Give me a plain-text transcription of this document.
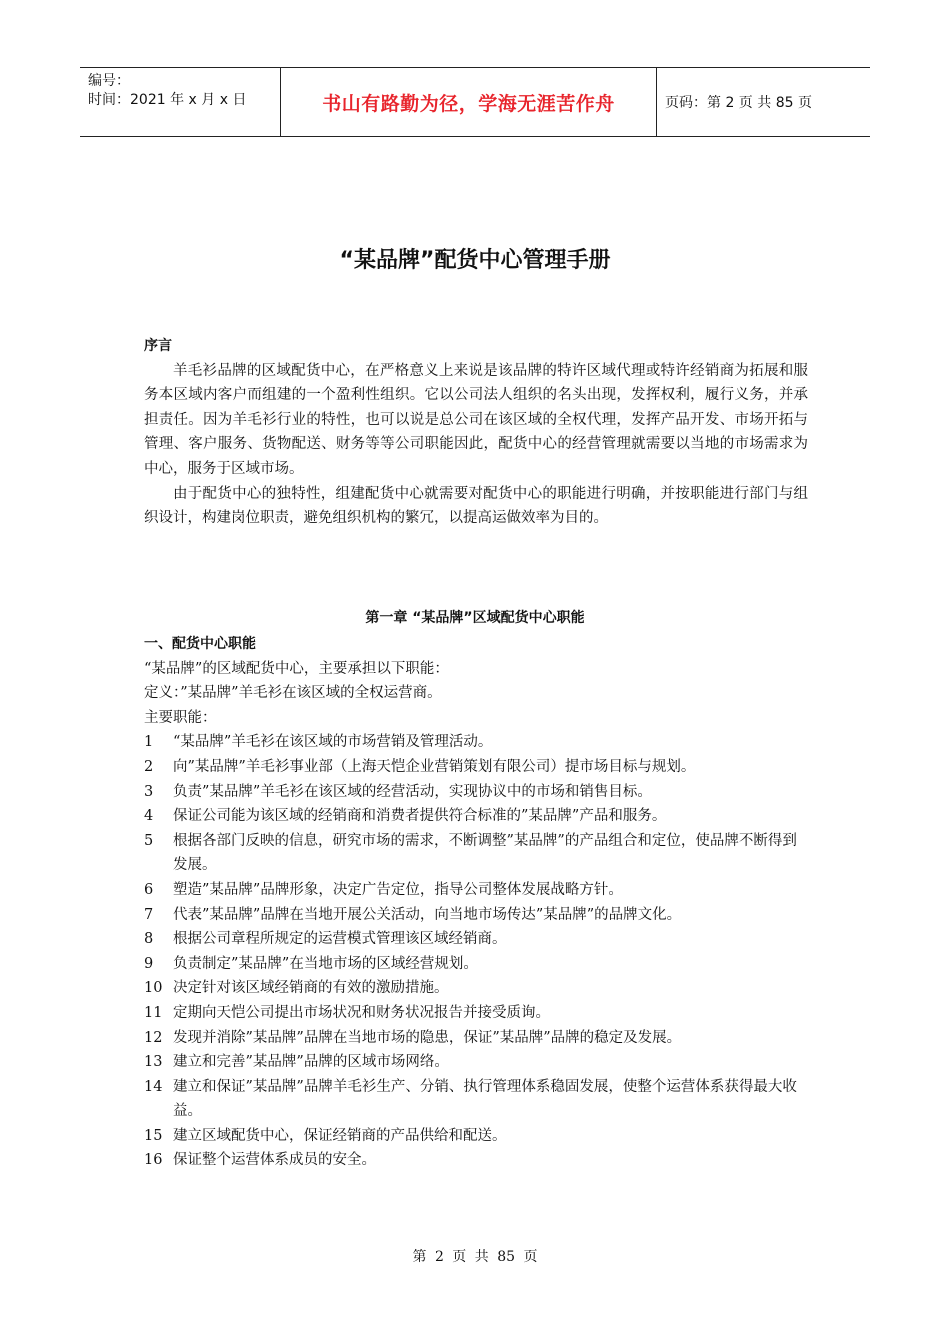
编号：
时间：2021 年 x 月 x 日	书山有路勤为径，学海无涯苦作舟	页码：第 2 页 共 85 页
“某品牌”配货中心管理手册
序言

羊毛衫品牌的区域配货中心，在严格意义上来说是该品牌的特许区域代理或特许经销商为拓展和服务本区域内客户而组建的一个盈利性组织。它以公司法人组织的名头出现，发挥权利，履行义务，并承担责任。因为羊毛衫行业的特性，也可以说是总公司在该区域的全权代理，发挥产品开发、市场开拓与管理、客户服务、货物配送、财务等等公司职能因此，配货中心的经营管理就需要以当地的市场需求为中心，服务于区域市场。

由于配货中心的独特性，组建配货中心就需要对配货中心的职能进行明确，并按职能进行部门与组织设计，构建岗位职责，避免组织机构的繁冗，以提高运做效率为目的。

第一章 “某品牌”区域配货中心职能
一、配货中心职能

“某品牌”的区域配货中心，主要承担以下职能：

定义：”某品牌”羊毛衫在该区域的全权运营商。

主要职能：

1	“某品牌”羊毛衫在该区域的市场营销及管理活动。
2	向”某品牌”羊毛衫事业部（上海天恺企业营销策划有限公司）提市场目标与规划。
3	负责”某品牌”羊毛衫在该区域的经营活动，实现协议中的市场和销售目标。
4	保证公司能为该区域的经销商和消费者提供符合标准的”某品牌”产品和服务。
5	根据各部门反映的信息，研究市场的需求，不断调整”某品牌”的产品组合和定位，使品牌不断得到发展。
6	塑造”某品牌”品牌形象，决定广告定位，指导公司整体发展战略方针。
7	代表”某品牌”品牌在当地开展公关活动，向当地市场传达”某品牌”的品牌文化。
8	根据公司章程所规定的运营模式管理该区域经销商。
9	负责制定”某品牌”在当地市场的区域经营规划。
10 决定针对该区域经销商的有效的激励措施。
11 定期向天恺公司提出市场状况和财务状况报告并接受质询。
12 发现并消除”某品牌”品牌在当地市场的隐患，保证”某品牌”品牌的稳定及发展。
13 建立和完善”某品牌”品牌的区域市场网络。
14 建立和保证”某品牌”品牌羊毛衫生产、分销、执行管理体系稳固发展，使整个运营体系获得最大收益。
15 建立区域配货中心，保证经销商的产品供给和配送。
16 保证整个运营体系成员的安全。
第 2 页 共 85 页
